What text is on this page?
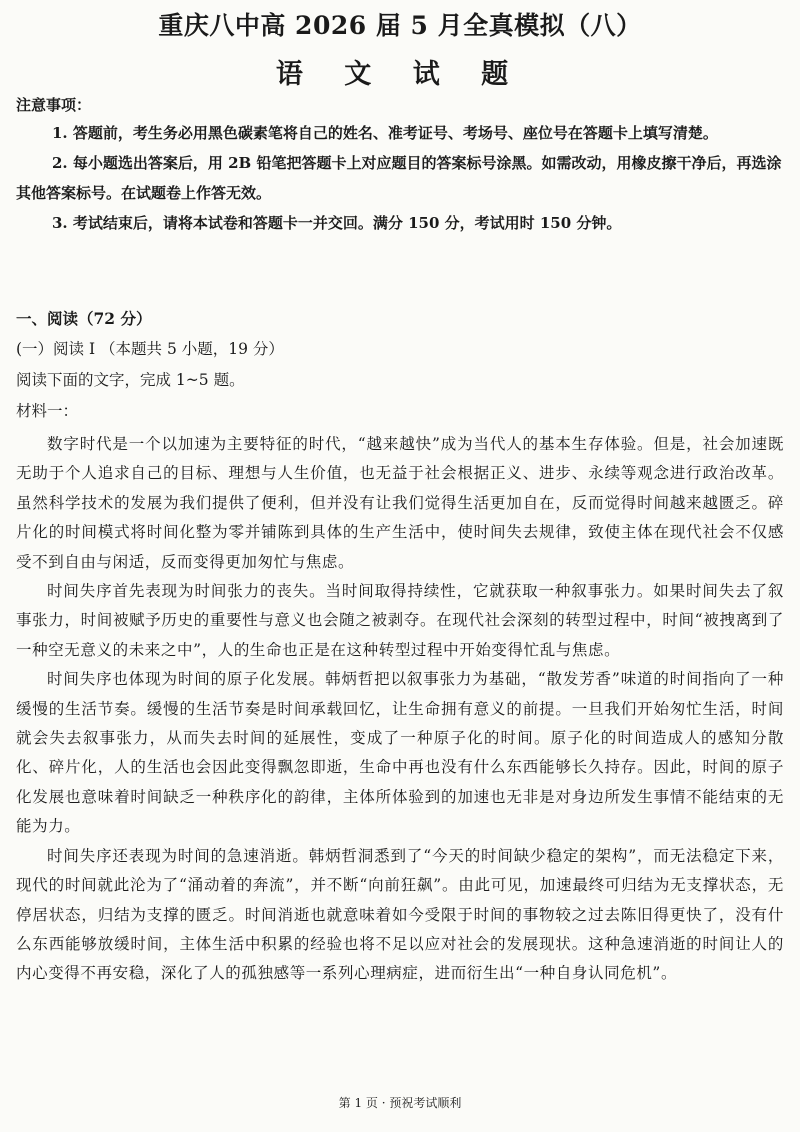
重庆八中高 2026 届 5 月全真模拟（八）
语 文 试 题
注意事项：

1. 答题前，考生务必用黑色碳素笔将自己的姓名、准考证号、考场号、座位号在答题卡上填写清楚。

2. 每小题选出答案后，用 2B 铅笔把答题卡上对应题目的答案标号涂黑。如需改动，用橡皮擦干净后，再选涂其他答案标号。在试题卷上作答无效。

3. 考试结束后，请将本试卷和答题卡一并交回。满分 150 分，考试用时 150 分钟。

一、阅读（72 分）
(一）阅读 I （本题共 5 小题，19 分）
阅读下面的文字，完成 1~5 题。
材料一：

数字时代是一个以加速为主要特征的时代，“越来越快”成为当代人的基本生存体验。但是，社会加速既无助于个人追求自己的目标、理想与人生价值，也无益于社会根据正义、进步、永续等观念进行政治改革。虽然科学技术的发展为我们提供了便利，但并没有让我们觉得生活更加自在，反而觉得时间越来越匮乏。碎片化的时间模式将时间化整为零并铺陈到具体的生产生活中，使时间失去规律，致使主体在现代社会不仅感受不到自由与闲适，反而变得更加匆忙与焦虑。

时间失序首先表现为时间张力的丧失。当时间取得持续性，它就获取一种叙事张力。如果时间失去了叙事张力，时间被赋予历史的重要性与意义也会随之被剥夺。在现代社会深刻的转型过程中，时间“被拽离到了一种空无意义的未来之中”，人的生命也正是在这种转型过程中开始变得忙乱与焦虑。

时间失序也体现为时间的原子化发展。韩炳哲把以叙事张力为基础，“散发芳香”味道的时间指向了一种缓慢的生活节奏。缓慢的生活节奏是时间承载回忆，让生命拥有意义的前提。一旦我们开始匆忙生活，时间就会失去叙事张力，从而失去时间的延展性，变成了一种原子化的时间。原子化的时间造成人的感知分散化、碎片化，人的生活也会因此变得飘忽即逝，生命中再也没有什么东西能够长久持存。因此，时间的原子化发展也意味着时间缺乏一种秩序化的韵律，主体所体验到的加速也无非是对身边所发生事情不能结束的无能为力。

时间失序还表现为时间的急速消逝。韩炳哲洞悉到了“今天的时间缺少稳定的架构”，而无法稳定下来，现代的时间就此沦为了“涌动着的奔流”，并不断“向前狂飙”。由此可见，加速最终可归结为无支撑状态，无停居状态，归结为支撑的匮乏。时间消逝也就意味着如今受限于时间的事物较之过去陈旧得更快了，没有什么东西能够放缓时间，主体生活中积累的经验也将不足以应对社会的发展现状。这种急速消逝的时间让人的内心变得不再安稳，深化了人的孤独感等一系列心理病症，进而衍生出“一种自身认同危机”。

第 1 页 · 预祝考试顺利
